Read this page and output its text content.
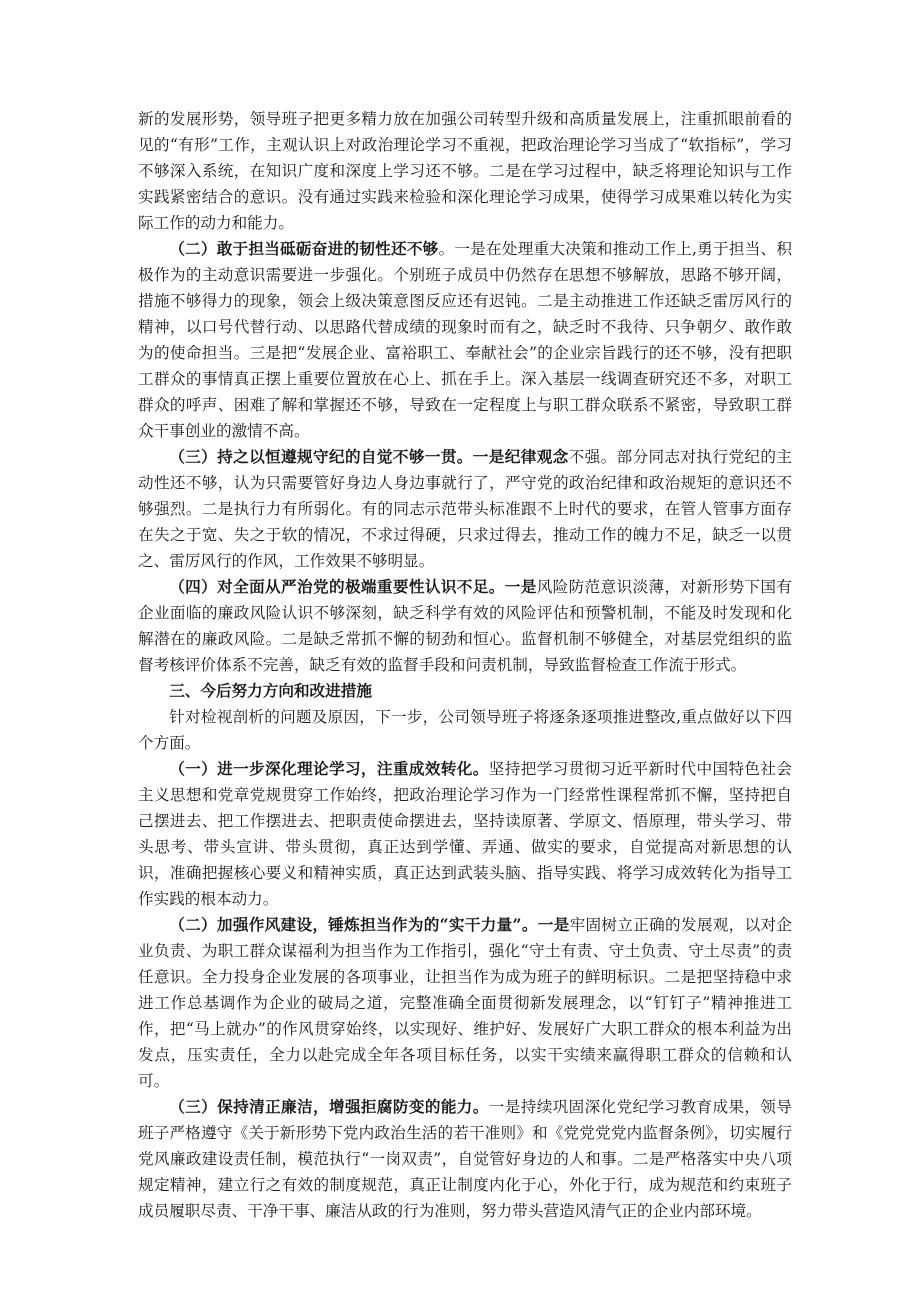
新的发展形势，领导班子把更多精力放在加强公司转型升级和高质量发展上，注重抓眼前看的见的“有形”工作，主观认识上对政治理论学习不重视，把政治理论学习当成了“软指标”，学习不够深入系统，在知识广度和深度上学习还不够。二是在学习过程中，缺乏将理论知识与工作实践紧密结合的意识。没有通过实践来检验和深化理论学习成果，使得学习成果难以转化为实际工作的动力和能力。

（二）敢于担当砥砺奋进的韧性还不够。一是在处理重大决策和推动工作上,勇于担当、积极作为的主动意识需要进一步强化。个别班子成员中仍然存在思想不够解放，思路不够开阔，措施不够得力的现象，领会上级决策意图反应还有迟钝。二是主动推进工作还缺乏雷厉风行的精神，以口号代替行动、以思路代替成绩的现象时而有之，缺乏时不我待、只争朝夕、敢作敢为的使命担当。三是把“发展企业、富裕职工、奉献社会”的企业宗旨践行的还不够，没有把职工群众的事情真正摆上重要位置放在心上、抓在手上。深入基层一线调查研究还不多，对职工群众的呼声、困难了解和掌握还不够，导致在一定程度上与职工群众联系不紧密，导致职工群众干事创业的激情不高。

（三）持之以恒遵规守纪的自觉不够一贯。一是纪律观念不强。部分同志对执行党纪的主动性还不够，认为只需要管好身边人身边事就行了，严守党的政治纪律和政治规矩的意识还不够强烈。二是执行力有所弱化。有的同志示范带头标准跟不上时代的要求，在管人管事方面存在失之于宽、失之于软的情况，不求过得硬，只求过得去，推动工作的魄力不足，缺乏一以贯之、雷厉风行的作风，工作效果不够明显。

（四）对全面从严治党的极端重要性认识不足。一是风险防范意识淡薄，对新形势下国有企业面临的廉政风险认识不够深刻，缺乏科学有效的风险评估和预警机制，不能及时发现和化解潜在的廉政风险。二是缺乏常抓不懈的韧劲和恒心。监督机制不够健全，对基层党组织的监督考核评价体系不完善，缺乏有效的监督手段和问责机制，导致监督检查工作流于形式。

三、今后努力方向和改进措施

针对检视剖析的问题及原因，下一步，公司领导班子将逐条逐项推进整改,重点做好以下四个方面。

（一）进一步深化理论学习，注重成效转化。坚持把学习贯彻习近平新时代中国特色社会主义思想和党章党规贯穿工作始终，把政治理论学习作为一门经常性课程常抓不懈，坚持把自己摆进去、把工作摆进去、把职责使命摆进去，坚持读原著、学原文、悟原理，带头学习、带头思考、带头宣讲、带头贯彻，真正达到学懂、弄通、做实的要求，自觉提高对新思想的认识，准确把握核心要义和精神实质，真正达到武装头脑、指导实践、将学习成效转化为指导工作实践的根本动力。

（二）加强作风建设，锤炼担当作为的“实干力量”。一是牢固树立正确的发展观，以对企业负责、为职工群众谋福利为担当作为工作指引，强化“守土有责、守土负责、守土尽责”的责任意识。全力投身企业发展的各项事业，让担当作为成为班子的鲜明标识。二是把坚持稳中求进工作总基调作为企业的破局之道，完整准确全面贯彻新发展理念，以“钉钉子”精神推进工作，把“马上就办”的作风贯穿始终，以实现好、维护好、发展好广大职工群众的根本利益为出发点，压实责任，全力以赴完成全年各项目标任务，以实干实绩来赢得职工群众的信赖和认可。

（三）保持清正廉洁，增强拒腐防变的能力。一是持续巩固深化党纪学习教育成果，领导班子严格遵守《关于新形势下党内政治生活的若干准则》和《党党党党内监督条例》，切实履行党风廉政建设责任制，模范执行“一岗双责”，自觉管好身边的人和事。二是严格落实中央八项规定精神，建立行之有效的制度规范，真正让制度内化于心，外化于行，成为规范和约束班子成员履职尽责、干净干事、廉洁从政的行为准则，努力带头营造风清气正的企业内部环境。
